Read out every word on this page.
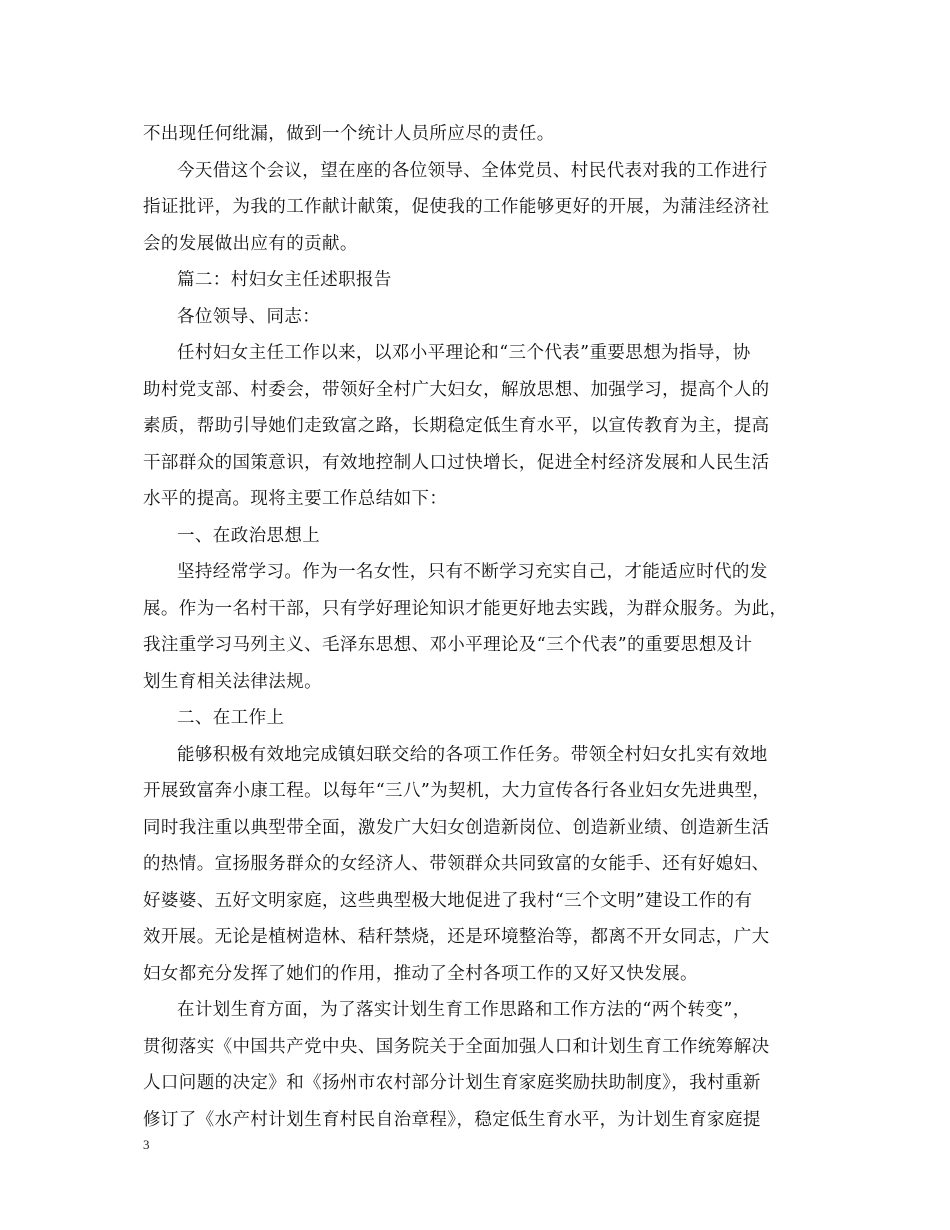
不出现任何纰漏，做到一个统计人员所应尽的责任。
今天借这个会议，望在座的各位领导、全体党员、村民代表对我的工作进行
指证批评，为我的工作献计献策，促使我的工作能够更好的开展，为蒲洼经济社
会的发展做出应有的贡献。
篇二：村妇女主任述职报告
各位领导、同志：
任村妇女主任工作以来，以邓小平理论和“三个代表”重要思想为指导，协
助村党支部、村委会，带领好全村广大妇女，解放思想、加强学习，提高个人的
素质，帮助引导她们走致富之路，长期稳定低生育水平，以宣传教育为主，提高
干部群众的国策意识，有效地控制人口过快增长，促进全村经济发展和人民生活
水平的提高。现将主要工作总结如下：
一、在政治思想上
坚持经常学习。作为一名女性，只有不断学习充实自己，才能适应时代的发
展。作为一名村干部，只有学好理论知识才能更好地去实践，为群众服务。为此，
我注重学习马列主义、毛泽东思想、邓小平理论及“三个代表”的重要思想及计
划生育相关法律法规。
二、在工作上
能够积极有效地完成镇妇联交给的各项工作任务。带领全村妇女扎实有效地
开展致富奔小康工程。以每年“三八”为契机，大力宣传各行各业妇女先进典型，
同时我注重以典型带全面，激发广大妇女创造新岗位、创造新业绩、创造新生活
的热情。宣扬服务群众的女经济人、带领群众共同致富的女能手、还有好媳妇、
好婆婆、五好文明家庭，这些典型极大地促进了我村“三个文明”建设工作的有
效开展。无论是植树造林、秸秆禁烧，还是环境整治等，都离不开女同志，广大
妇女都充分发挥了她们的作用，推动了全村各项工作的又好又快发展。
在计划生育方面，为了落实计划生育工作思路和工作方法的“两个转变”，
贯彻落实《中国共产党中央、国务院关于全面加强人口和计划生育工作统筹解决
人口问题的决定》和《扬州市农村部分计划生育家庭奖励扶助制度》，我村重新
修订了《水产村计划生育村民自治章程》，稳定低生育水平，为计划生育家庭提
3
